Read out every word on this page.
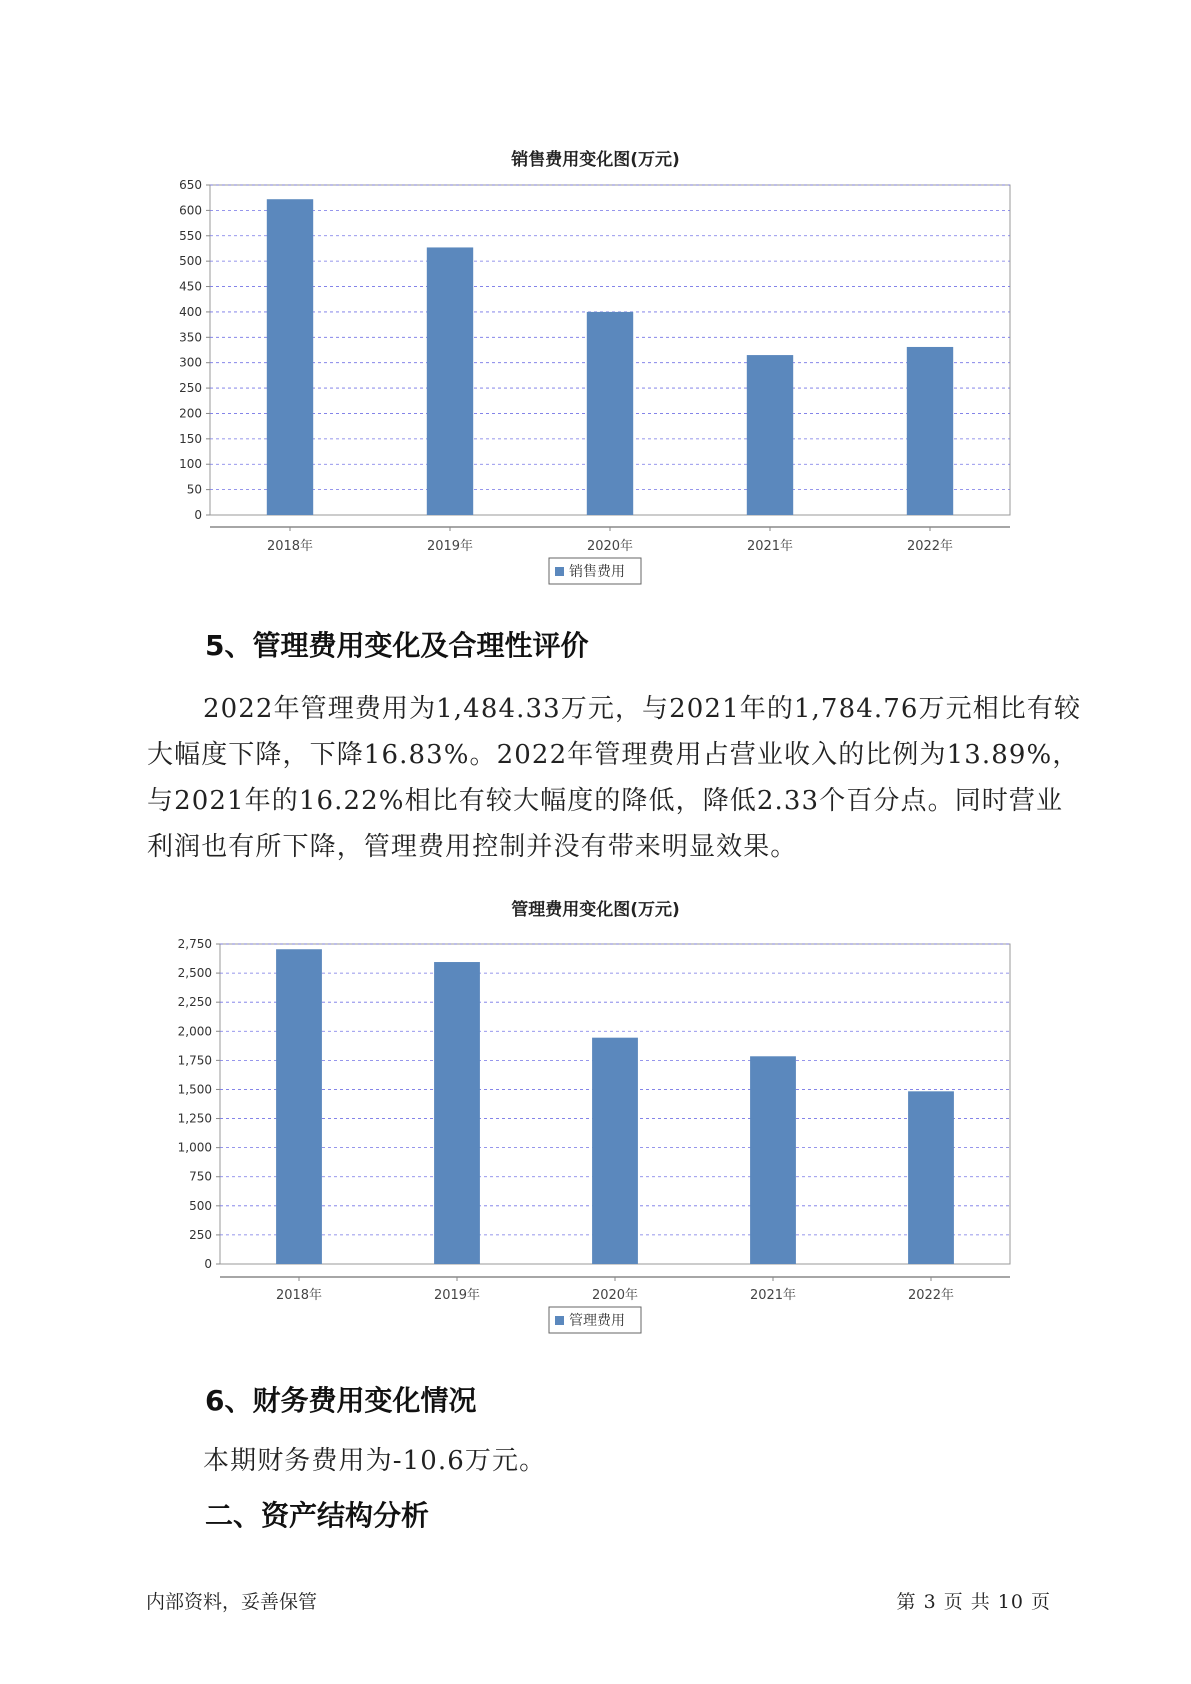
销售费用变化图(万元)
0
50
100
150
200
250
300
350
400
450
500
550
600
650
2018年	2019年	2020年	2021年	2022年
销售费用
5、管理费用变化及合理性评价
2022年管理费用为1,484.33万元，与2021年的1,784.76万元相比有较
大幅度下降，下降16.83%。2022年管理费用占营业收入的比例为13.89%，
与2021年的16.22%相比有较大幅度的降低，降低2.33个百分点。同时营业
利润也有所下降，管理费用控制并没有带来明显效果。
管理费用变化图(万元)
0
250
500
750
1,000
1,250
1,500
1,750
2,000
2,250
2,500
2,750
2018年	2019年	2020年	2021年	2022年
管理费用
6、财务费用变化情况
本期财务费用为-10.6万元。
二、资产结构分析
内部资料，妥善保管	第 3 页 共 10 页
